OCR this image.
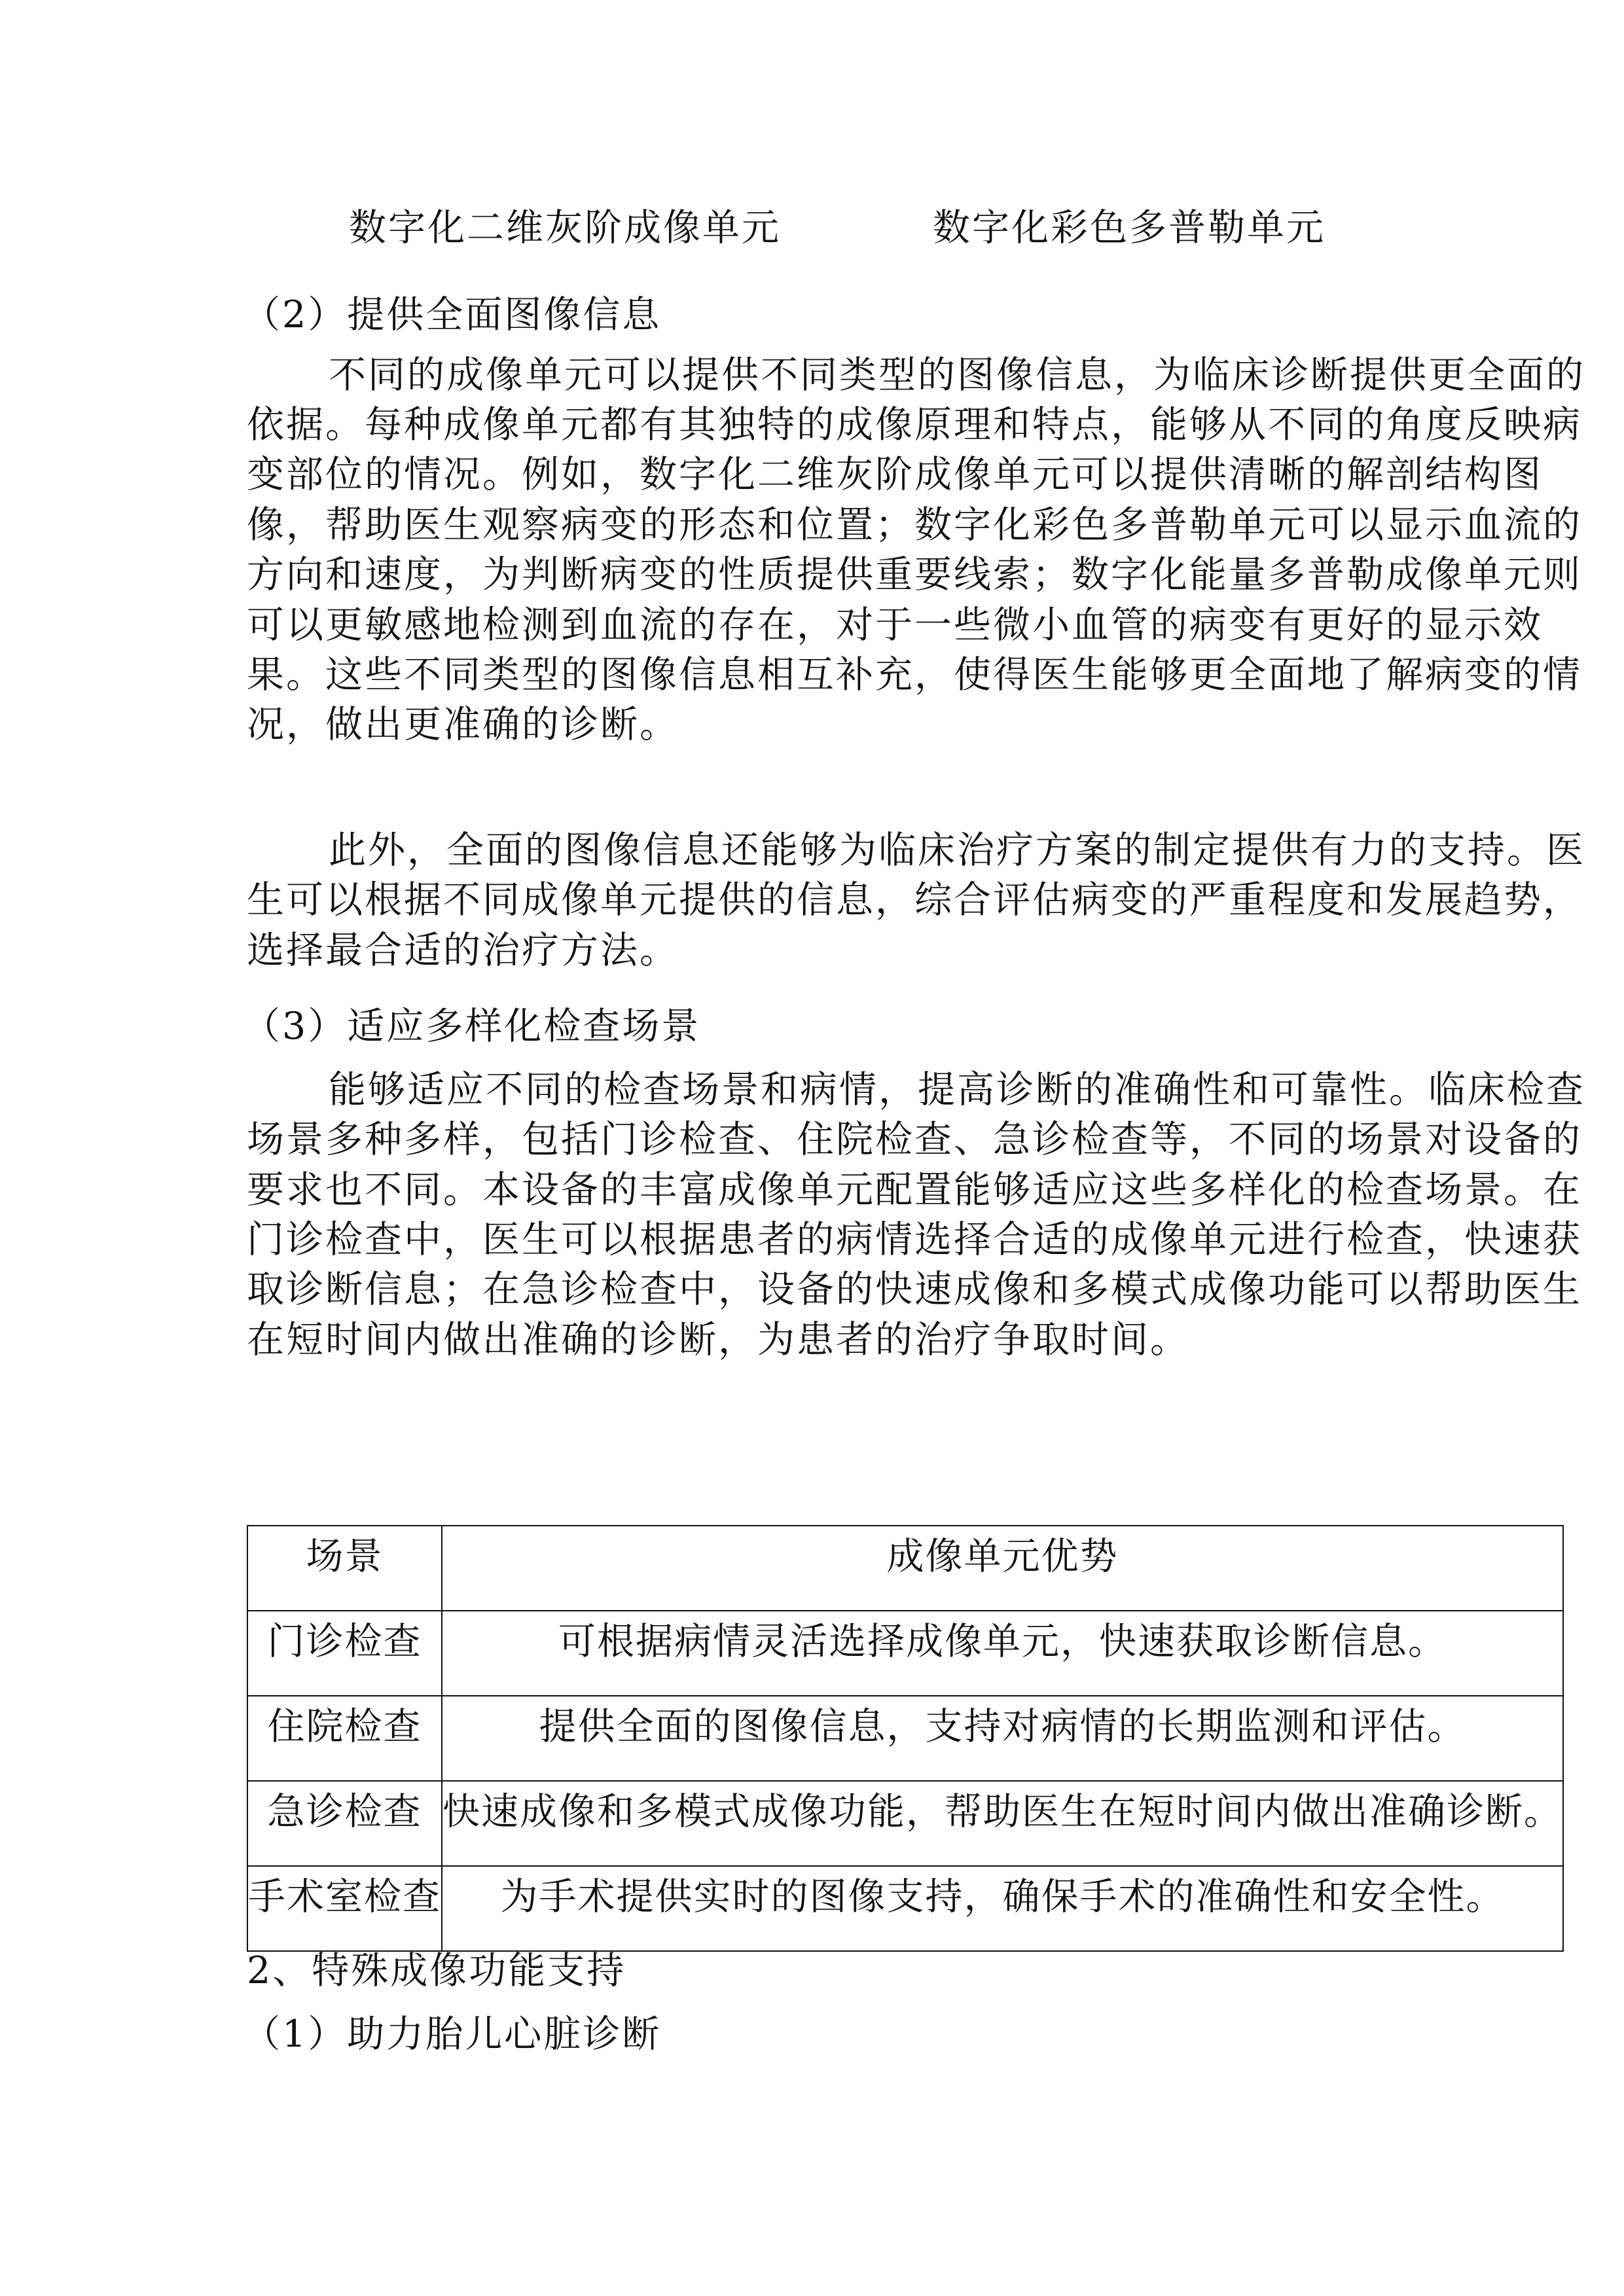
数字化二维灰阶成像单元	数字化彩色多普勒单元
（2）提供全面图像信息
不同的成像单元可以提供不同类型的图像信息，为临床诊断提供更全面的
依据。每种成像单元都有其独特的成像原理和特点，能够从不同的角度反映病
变部位的情况。例如，数字化二维灰阶成像单元可以提供清晰的解剖结构图
像，帮助医生观察病变的形态和位置；数字化彩色多普勒单元可以显示血流的
方向和速度，为判断病变的性质提供重要线索；数字化能量多普勒成像单元则
可以更敏感地检测到血流的存在，对于一些微小血管的病变有更好的显示效
果。这些不同类型的图像信息相互补充，使得医生能够更全面地了解病变的情
况，做出更准确的诊断。
此外，全面的图像信息还能够为临床治疗方案的制定提供有力的支持。医
生可以根据不同成像单元提供的信息，综合评估病变的严重程度和发展趋势，
选择最合适的治疗方法。
（3）适应多样化检查场景
能够适应不同的检查场景和病情，提高诊断的准确性和可靠性。临床检查
场景多种多样，包括门诊检查、住院检查、急诊检查等，不同的场景对设备的
要求也不同。本设备的丰富成像单元配置能够适应这些多样化的检查场景。在
门诊检查中，医生可以根据患者的病情选择合适的成像单元进行检查，快速获
取诊断信息；在急诊检查中，设备的快速成像和多模式成像功能可以帮助医生
在短时间内做出准确的诊断，为患者的治疗争取时间。
场景	成像单元优势
门诊检查	可根据病情灵活选择成像单元，快速获取诊断信息。
住院检查	提供全面的图像信息，支持对病情的长期监测和评估。
急诊检查	快速成像和多模式成像功能，帮助医生在短时间内做出准确诊断。
手术室检查	为手术提供实时的图像支持，确保手术的准确性和安全性。
2、特殊成像功能支持
（1）助力胎儿心脏诊断
